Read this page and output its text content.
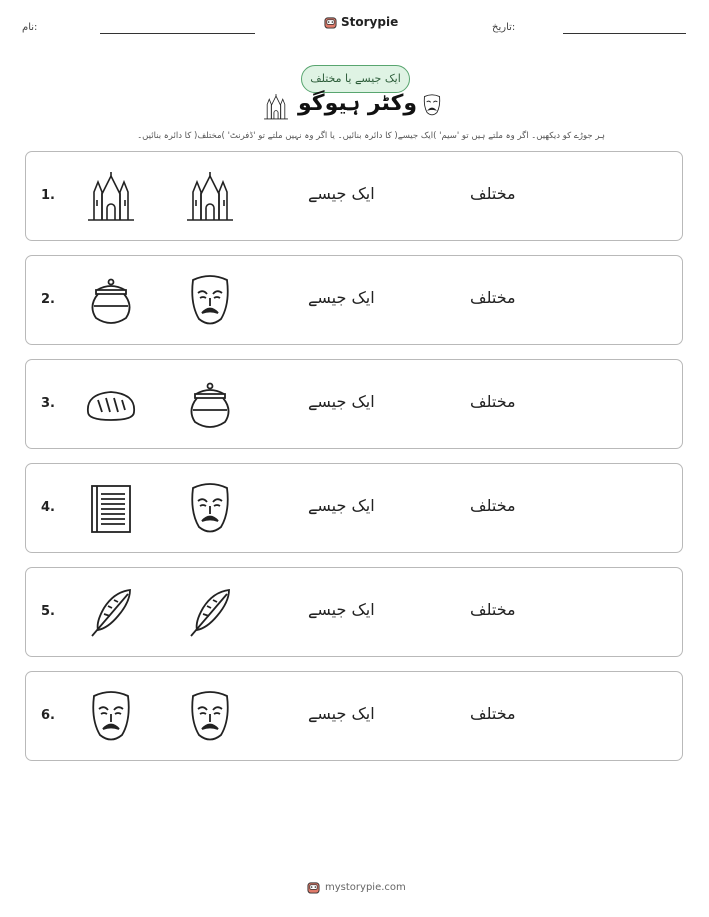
نام:	Storypie	تاریخ:
ایک جیسے یا مختلف
وکٹر ہیوگو
ہر جوڑے کو دیکھیں۔ اگر وہ ملتے ہیں تو 'سیم' )ایک جیسے( کا دائرہ بنائیں۔ یا اگر وہ نہیں ملتے تو 'ڈفرنٹ' )مختلف( کا دائرہ بنائیں۔
1.	ایک جیسے	مختلف
2.	ایک جیسے	مختلف
3.	ایک جیسے	مختلف
4.	ایک جیسے	مختلف
5.	ایک جیسے	مختلف
6.	ایک جیسے	مختلف
mystorypie.com
